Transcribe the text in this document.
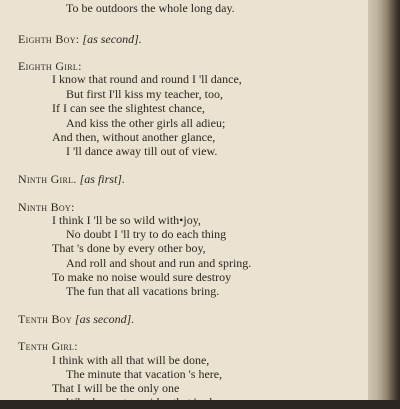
To be outdoors the whole long day.
Eighth Boy: [as second].
Eighth Girl:
I know that round and round I 'll dance,
But first I'll kiss my teacher, too,
If I can see the slightest chance,
And kiss the other girls all adieu;
And then, without another glance,
I 'll dance away till out of view.
Ninth Girl. [as first].
Ninth Boy:
I think I 'll be so wild with•joy,
No doubt I 'll try to do each thing
That 's done by every other boy,
And roll and shout and run and spring.
To make no noise would sure destroy
The fun that all vacations bring.
Tenth Boy [as second].
Tenth Girl:
I think with all that will be done,
The minute that vacation 's here,
That I will be the only one
Who has not one idea that 's clear
